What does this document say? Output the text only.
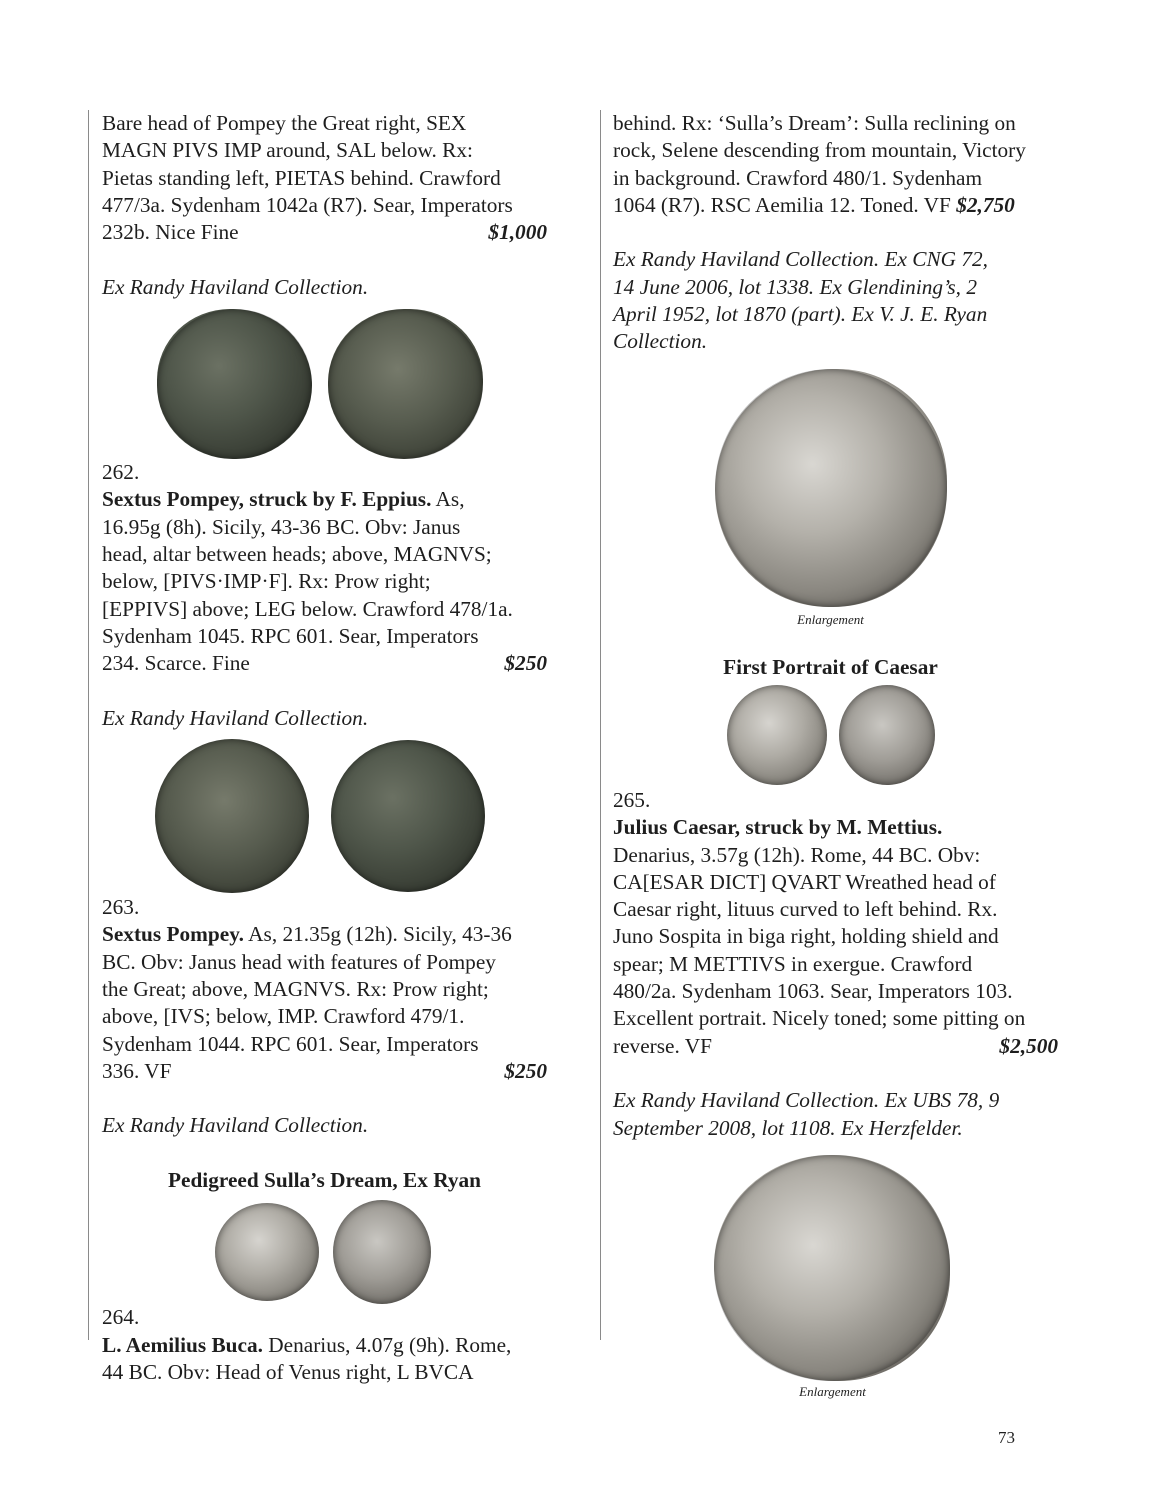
Bare head of Pompey the Great right, SEX
MAGN PIVS IMP around, SAL below. Rx:
Pietas standing left, PIETAS behind. Crawford
477/3a. Sydenham 1042a (R7). Sear, Imperators
232b. Nice Fine	$1,000
Ex Randy Haviland Collection.
262.
Sextus Pompey, struck by F. Eppius. As,
16.95g (8h). Sicily, 43-36 BC. Obv: Janus
head, altar between heads; above, MAGNVS;
below, [PIVS·IMP·F]. Rx: Prow right;
[EPPIVS] above; LEG below. Crawford 478/1a.
Sydenham 1045. RPC 601. Sear, Imperators
234. Scarce. Fine	$250
Ex Randy Haviland Collection.
263.
Sextus Pompey. As, 21.35g (12h). Sicily, 43-36
BC. Obv: Janus head with features of Pompey
the Great; above, MAGNVS. Rx: Prow right;
above, [IVS; below, IMP. Crawford 479/1.
Sydenham 1044. RPC 601. Sear, Imperators
336. VF	$250
Ex Randy Haviland Collection.
Pedigreed Sulla’s Dream, Ex Ryan
264.
L. Aemilius Buca. Denarius, 4.07g (9h). Rome,
44 BC. Obv: Head of Venus right, L BVCA
behind. Rx: ‘Sulla’s Dream’: Sulla reclining on
rock, Selene descending from mountain, Victory
in background. Crawford 480/1. Sydenham
1064 (R7). RSC Aemilia 12. Toned. VF $2,750
Ex Randy Haviland Collection. Ex CNG 72,
14 June 2006, lot 1338. Ex Glendining’s, 2
April 1952, lot 1870 (part). Ex V. J. E. Ryan
Collection.
Enlargement
First Portrait of Caesar
265.
Julius Caesar, struck by M. Mettius.
Denarius, 3.57g (12h). Rome, 44 BC. Obv:
CA[ESAR DICT] QVART Wreathed head of
Caesar right, lituus curved to left behind. Rx.
Juno Sospita in biga right, holding shield and
spear; M METTIVS in exergue. Crawford
480/2a. Sydenham 1063. Sear, Imperators 103.
Excellent portrait. Nicely toned; some pitting on
reverse. VF	$2,500
Ex Randy Haviland Collection. Ex UBS 78, 9
September 2008, lot 1108. Ex Herzfelder.
Enlargement
73
